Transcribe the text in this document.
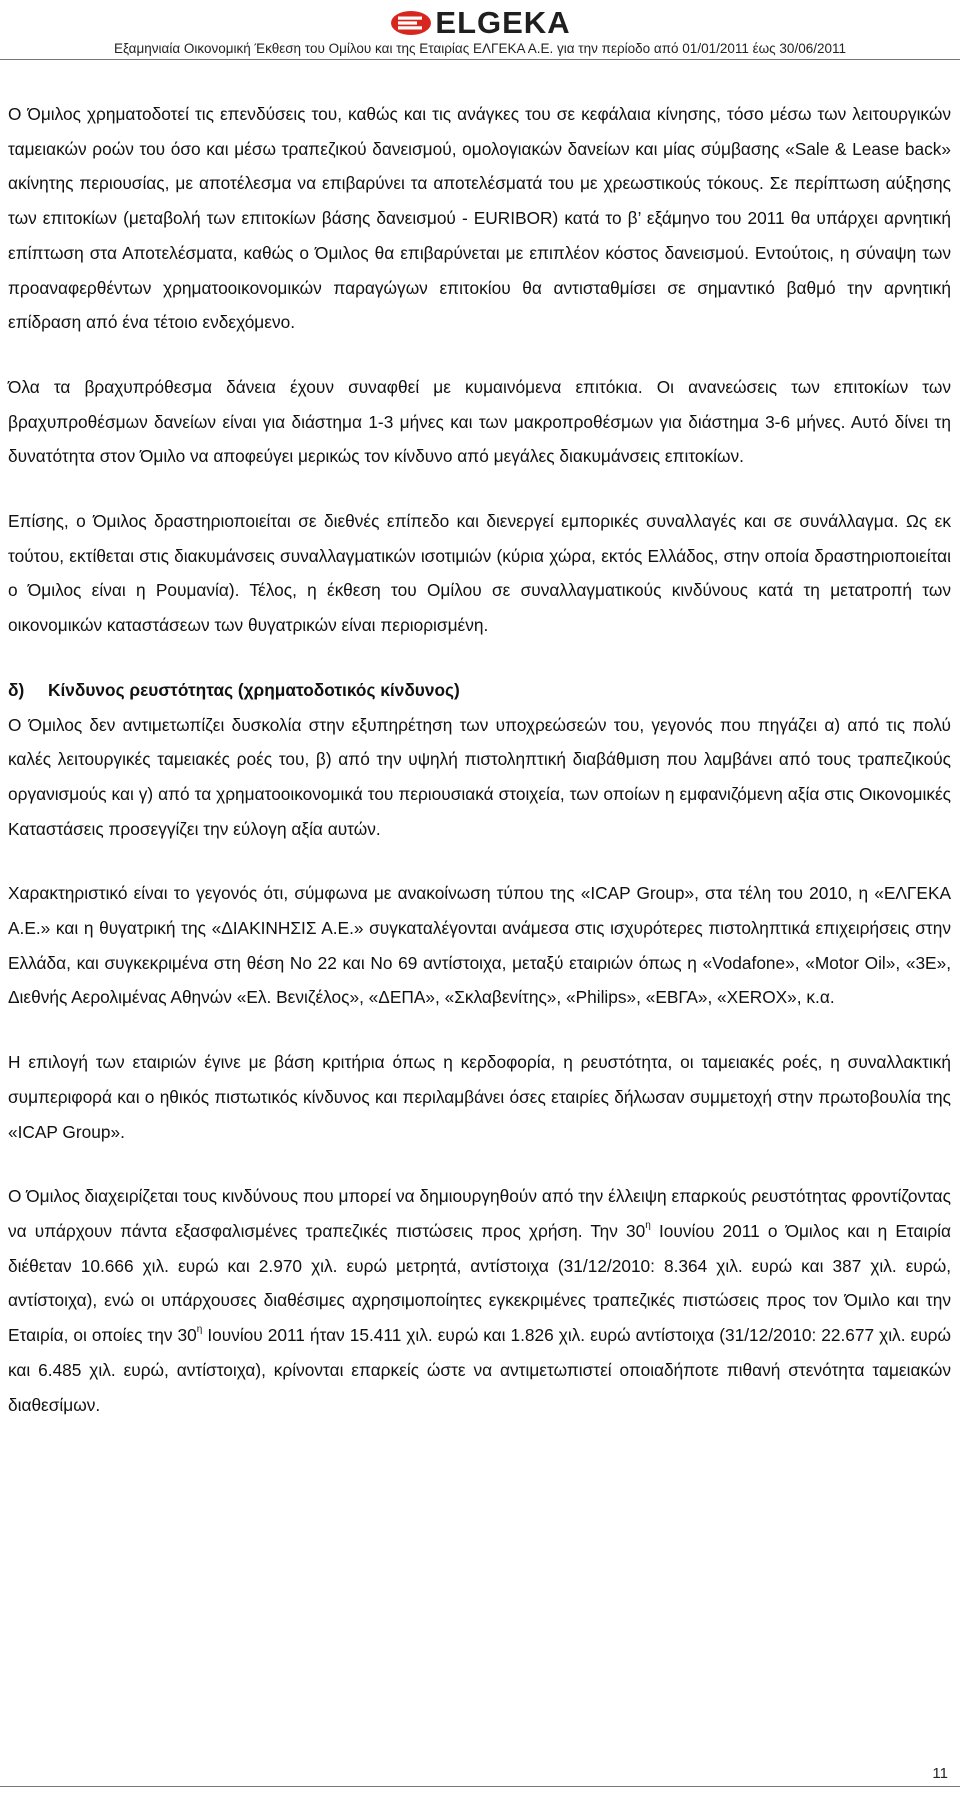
ELGEKA
Εξαμηνιαία Οικονομική Έκθεση του Ομίλου και της Εταιρίας ΕΛΓΕΚΑ Α.Ε. για την περίοδο από 01/01/2011 έως 30/06/2011

Ο Όμιλος χρηματοδοτεί τις επενδύσεις του, καθώς και τις ανάγκες του σε κεφάλαια κίνησης, τόσο μέσω των λειτουργικών ταμειακών ροών του όσο και μέσω τραπεζικού δανεισμού, ομολογιακών δανείων και μίας σύμβασης «Sale & Lease back» ακίνητης περιουσίας, με αποτέλεσμα να επιβαρύνει τα αποτελέσματά του με χρεωστικούς τόκους. Σε περίπτωση αύξησης των επιτοκίων (μεταβολή των επιτοκίων βάσης δανεισμού - EURIBOR) κατά το β’ εξάμηνο του 2011 θα υπάρχει αρνητική επίπτωση στα Αποτελέσματα, καθώς ο Όμιλος θα επιβαρύνεται με επιπλέον κόστος δανεισμού. Εντούτοις, η σύναψη των προαναφερθέντων χρηματοοικονομικών παραγώγων επιτοκίου θα αντισταθμίσει σε σημαντικό βαθμό την αρνητική επίδραση από ένα τέτοιο ενδεχόμενο.

Όλα τα βραχυπρόθεσμα δάνεια έχουν συναφθεί με κυμαινόμενα επιτόκια. Οι ανανεώσεις των επιτοκίων των βραχυπροθέσμων δανείων είναι για διάστημα 1-3 μήνες και των μακροπροθέσμων για διάστημα 3-6 μήνες. Αυτό δίνει τη δυνατότητα στον Όμιλο να αποφεύγει μερικώς τον κίνδυνο από μεγάλες διακυμάνσεις επιτοκίων.

Επίσης, ο Όμιλος δραστηριοποιείται σε διεθνές επίπεδο και διενεργεί εμπορικές συναλλαγές και σε συνάλλαγμα. Ως εκ τούτου, εκτίθεται στις διακυμάνσεις συναλλαγματικών ισοτιμιών (κύρια χώρα, εκτός Ελλάδος, στην οποία δραστηριοποιείται ο Όμιλος είναι η Ρουμανία). Τέλος, η έκθεση του Ομίλου σε συναλλαγματικούς κινδύνους κατά τη μετατροπή των οικονομικών καταστάσεων των θυγατρικών είναι περιορισμένη.

δ) Κίνδυνος ρευστότητας (χρηματοδοτικός κίνδυνος)

Ο Όμιλος δεν αντιμετωπίζει δυσκολία στην εξυπηρέτηση των υποχρεώσεών του, γεγονός που πηγάζει α) από τις πολύ καλές λειτουργικές ταμειακές ροές του, β) από την υψηλή πιστοληπτική διαβάθμιση που λαμβάνει από τους τραπεζικούς οργανισμούς και γ) από τα χρηματοοικονομικά του περιουσιακά στοιχεία, των οποίων η εμφανιζόμενη αξία στις Οικονομικές Καταστάσεις προσεγγίζει την εύλογη αξία αυτών.

Χαρακτηριστικό είναι το γεγονός ότι, σύμφωνα με ανακοίνωση τύπου της «ICAP Group», στα τέλη του 2010, η «ΕΛΓΕΚΑ Α.Ε.» και η θυγατρική της «ΔΙΑΚΙΝΗΣΙΣ Α.Ε.» συγκαταλέγονται ανάμεσα στις ισχυρότερες πιστοληπτικά επιχειρήσεις στην Ελλάδα, και συγκεκριμένα στη θέση Νο 22 και Νο 69 αντίστοιχα, μεταξύ εταιριών όπως η «Vodafone», «Motor Oil», «3E», Διεθνής Αερολιμένας Αθηνών «Ελ. Βενιζέλος», «ΔΕΠΑ», «Σκλαβενίτης», «Philips», «ΕΒΓΑ», «XEROX», κ.α.

Η επιλογή των εταιριών έγινε με βάση κριτήρια όπως η κερδοφορία, η ρευστότητα, οι ταμειακές ροές, η συναλλακτική συμπεριφορά και ο ηθικός πιστωτικός κίνδυνος και περιλαμβάνει όσες εταιρίες δήλωσαν συμμετοχή στην πρωτοβουλία της «ICAP Group».

Ο Όμιλος διαχειρίζεται τους κινδύνους που μπορεί να δημιουργηθούν από την έλλειψη επαρκούς ρευστότητας φροντίζοντας να υπάρχουν πάντα εξασφαλισμένες τραπεζικές πιστώσεις προς χρήση. Την $30^\eta$ Ιουνίου 2011 ο Όμιλος και η Εταιρία διέθεταν 10.666 χιλ. ευρώ και 2.970 χιλ. ευρώ μετρητά, αντίστοιχα (31/12/2010: 8.364 χιλ. ευρώ και 387 χιλ. ευρώ, αντίστοιχα), ενώ οι υπάρχουσες διαθέσιμες αχρησιμοποίητες εγκεκριμένες τραπεζικές πιστώσεις προς τον Όμιλο και την Εταιρία, οι οποίες την $30^\eta$ Ιουνίου 2011 ήταν 15.411 χιλ. ευρώ και 1.826 χιλ. ευρώ αντίστοιχα (31/12/2010: 22.677 χιλ. ευρώ και 6.485 χιλ. ευρώ, αντίστοιχα), κρίνονται επαρκείς ώστε να αντιμετωπιστεί οποιαδήποτε πιθανή στενότητα ταμειακών διαθεσίμων.

11
